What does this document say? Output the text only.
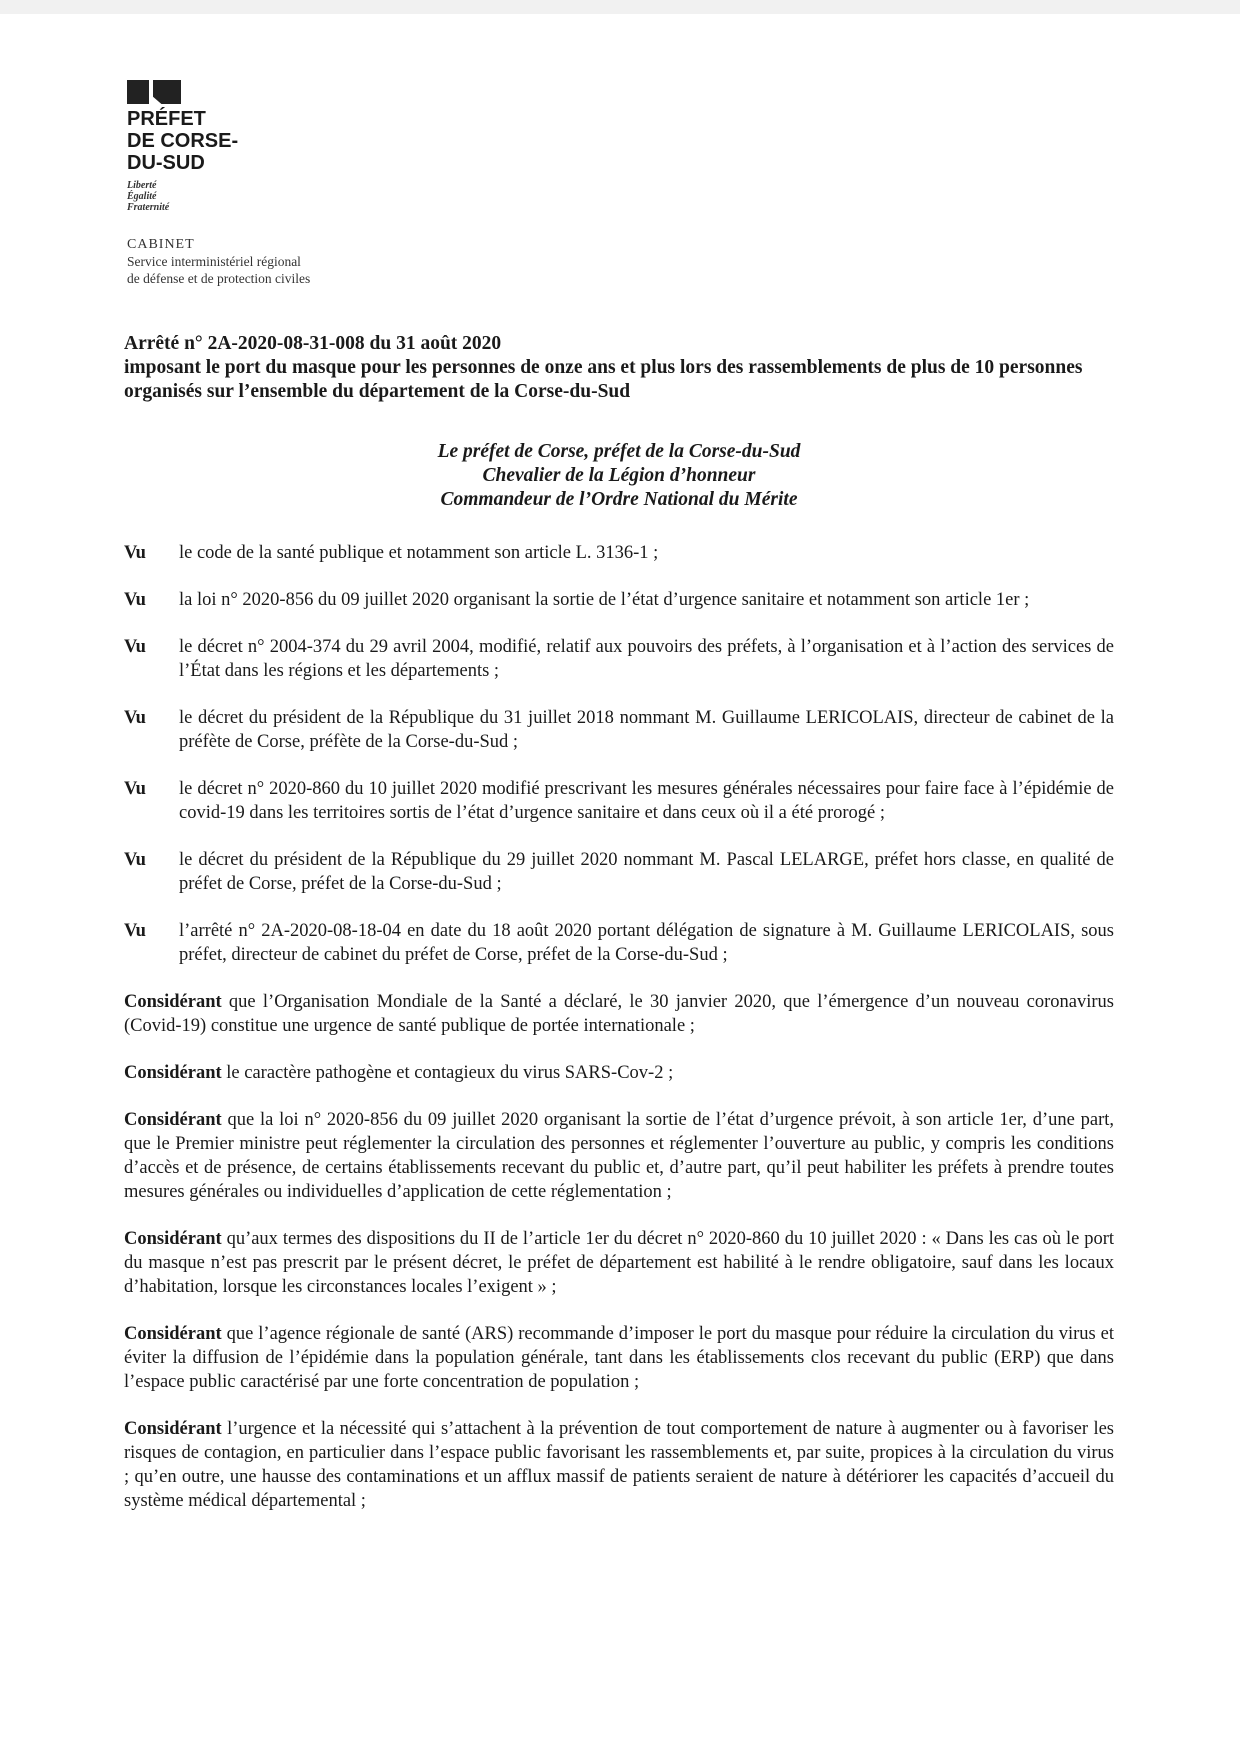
PRÉFET
DE CORSE-
DU-SUD
Liberté
Égalité
Fraternité
CABINET
Service interministériel régional
de défense et de protection civiles
Arrêté n° 2A-2020-08-31-008 du 31 août 2020
imposant le port du masque pour les personnes de onze ans et plus lors des rassemblements de plus de 10 personnes organisés sur l’ensemble du département de la Corse-du-Sud
Le préfet de Corse, préfet de la Corse-du-Sud
Chevalier de la Légion d’honneur
Commandeur de l’Ordre National du Mérite
Vu	le code de la santé publique et notamment son article L. 3136-1 ;
Vu	la loi n° 2020-856 du 09 juillet 2020 organisant la sortie de l’état d’urgence sanitaire et notamment son article 1er ;
Vu	le décret n° 2004-374 du 29 avril 2004, modifié, relatif aux pouvoirs des préfets, à l’organisation et à l’action des services de l’État dans les régions et les départements ;
Vu	le décret du président de la République du 31 juillet 2018 nommant M. Guillaume LERICOLAIS, directeur de cabinet de la préfète de Corse, préfète de la Corse-du-Sud ;
Vu	le décret n° 2020-860 du 10 juillet 2020 modifié prescrivant les mesures générales nécessaires pour faire face à l’épidémie de covid-19 dans les territoires sortis de l’état d’urgence sanitaire et dans ceux où il a été prorogé ;
Vu	le décret du président de la République du 29 juillet 2020 nommant M. Pascal LELARGE, préfet hors classe, en qualité de préfet de Corse, préfet de la Corse-du-Sud ;
Vu	l’arrêté n° 2A-2020-08-18-04 en date du 18 août 2020 portant délégation de signature à M. Guillaume LERICOLAIS, sous préfet, directeur de cabinet du préfet de Corse, préfet de la Corse-du-Sud ;
Considérant que l’Organisation Mondiale de la Santé a déclaré, le 30 janvier 2020, que l’émergence d’un nouveau coronavirus (Covid-19) constitue une urgence de santé publique de portée internationale ;
Considérant le caractère pathogène et contagieux du virus SARS-Cov-2 ;
Considérant que la loi n° 2020-856 du 09 juillet 2020 organisant la sortie de l’état d’urgence prévoit, à son article 1er, d’une part, que le Premier ministre peut réglementer la circulation des personnes et réglementer l’ouverture au public, y compris les conditions d’accès et de présence, de certains établissements recevant du public et, d’autre part, qu’il peut habiliter les préfets à prendre toutes mesures générales ou individuelles d’application de cette réglementation ;
Considérant qu’aux termes des dispositions du II de l’article 1er du décret n° 2020-860 du 10 juillet 2020 : « Dans les cas où le port du masque n’est pas prescrit par le présent décret, le préfet de département est habilité à le rendre obligatoire, sauf dans les locaux d’habitation, lorsque les circonstances locales l’exigent » ;
Considérant que l’agence régionale de santé (ARS) recommande d’imposer le port du masque pour réduire la circulation du virus et éviter la diffusion de l’épidémie dans la population générale, tant dans les établissements clos recevant du public (ERP) que dans l’espace public caractérisé par une forte concentration de population ;
Considérant l’urgence et la nécessité qui s’attachent à la prévention de tout comportement de nature à augmenter ou à favoriser les risques de contagion, en particulier dans l’espace public favorisant les rassemblements et, par suite, propices à la circulation du virus ; qu’en outre, une hausse des contaminations et un afflux massif de patients seraient de nature à détériorer les capacités d’accueil du système médical départemental ;
